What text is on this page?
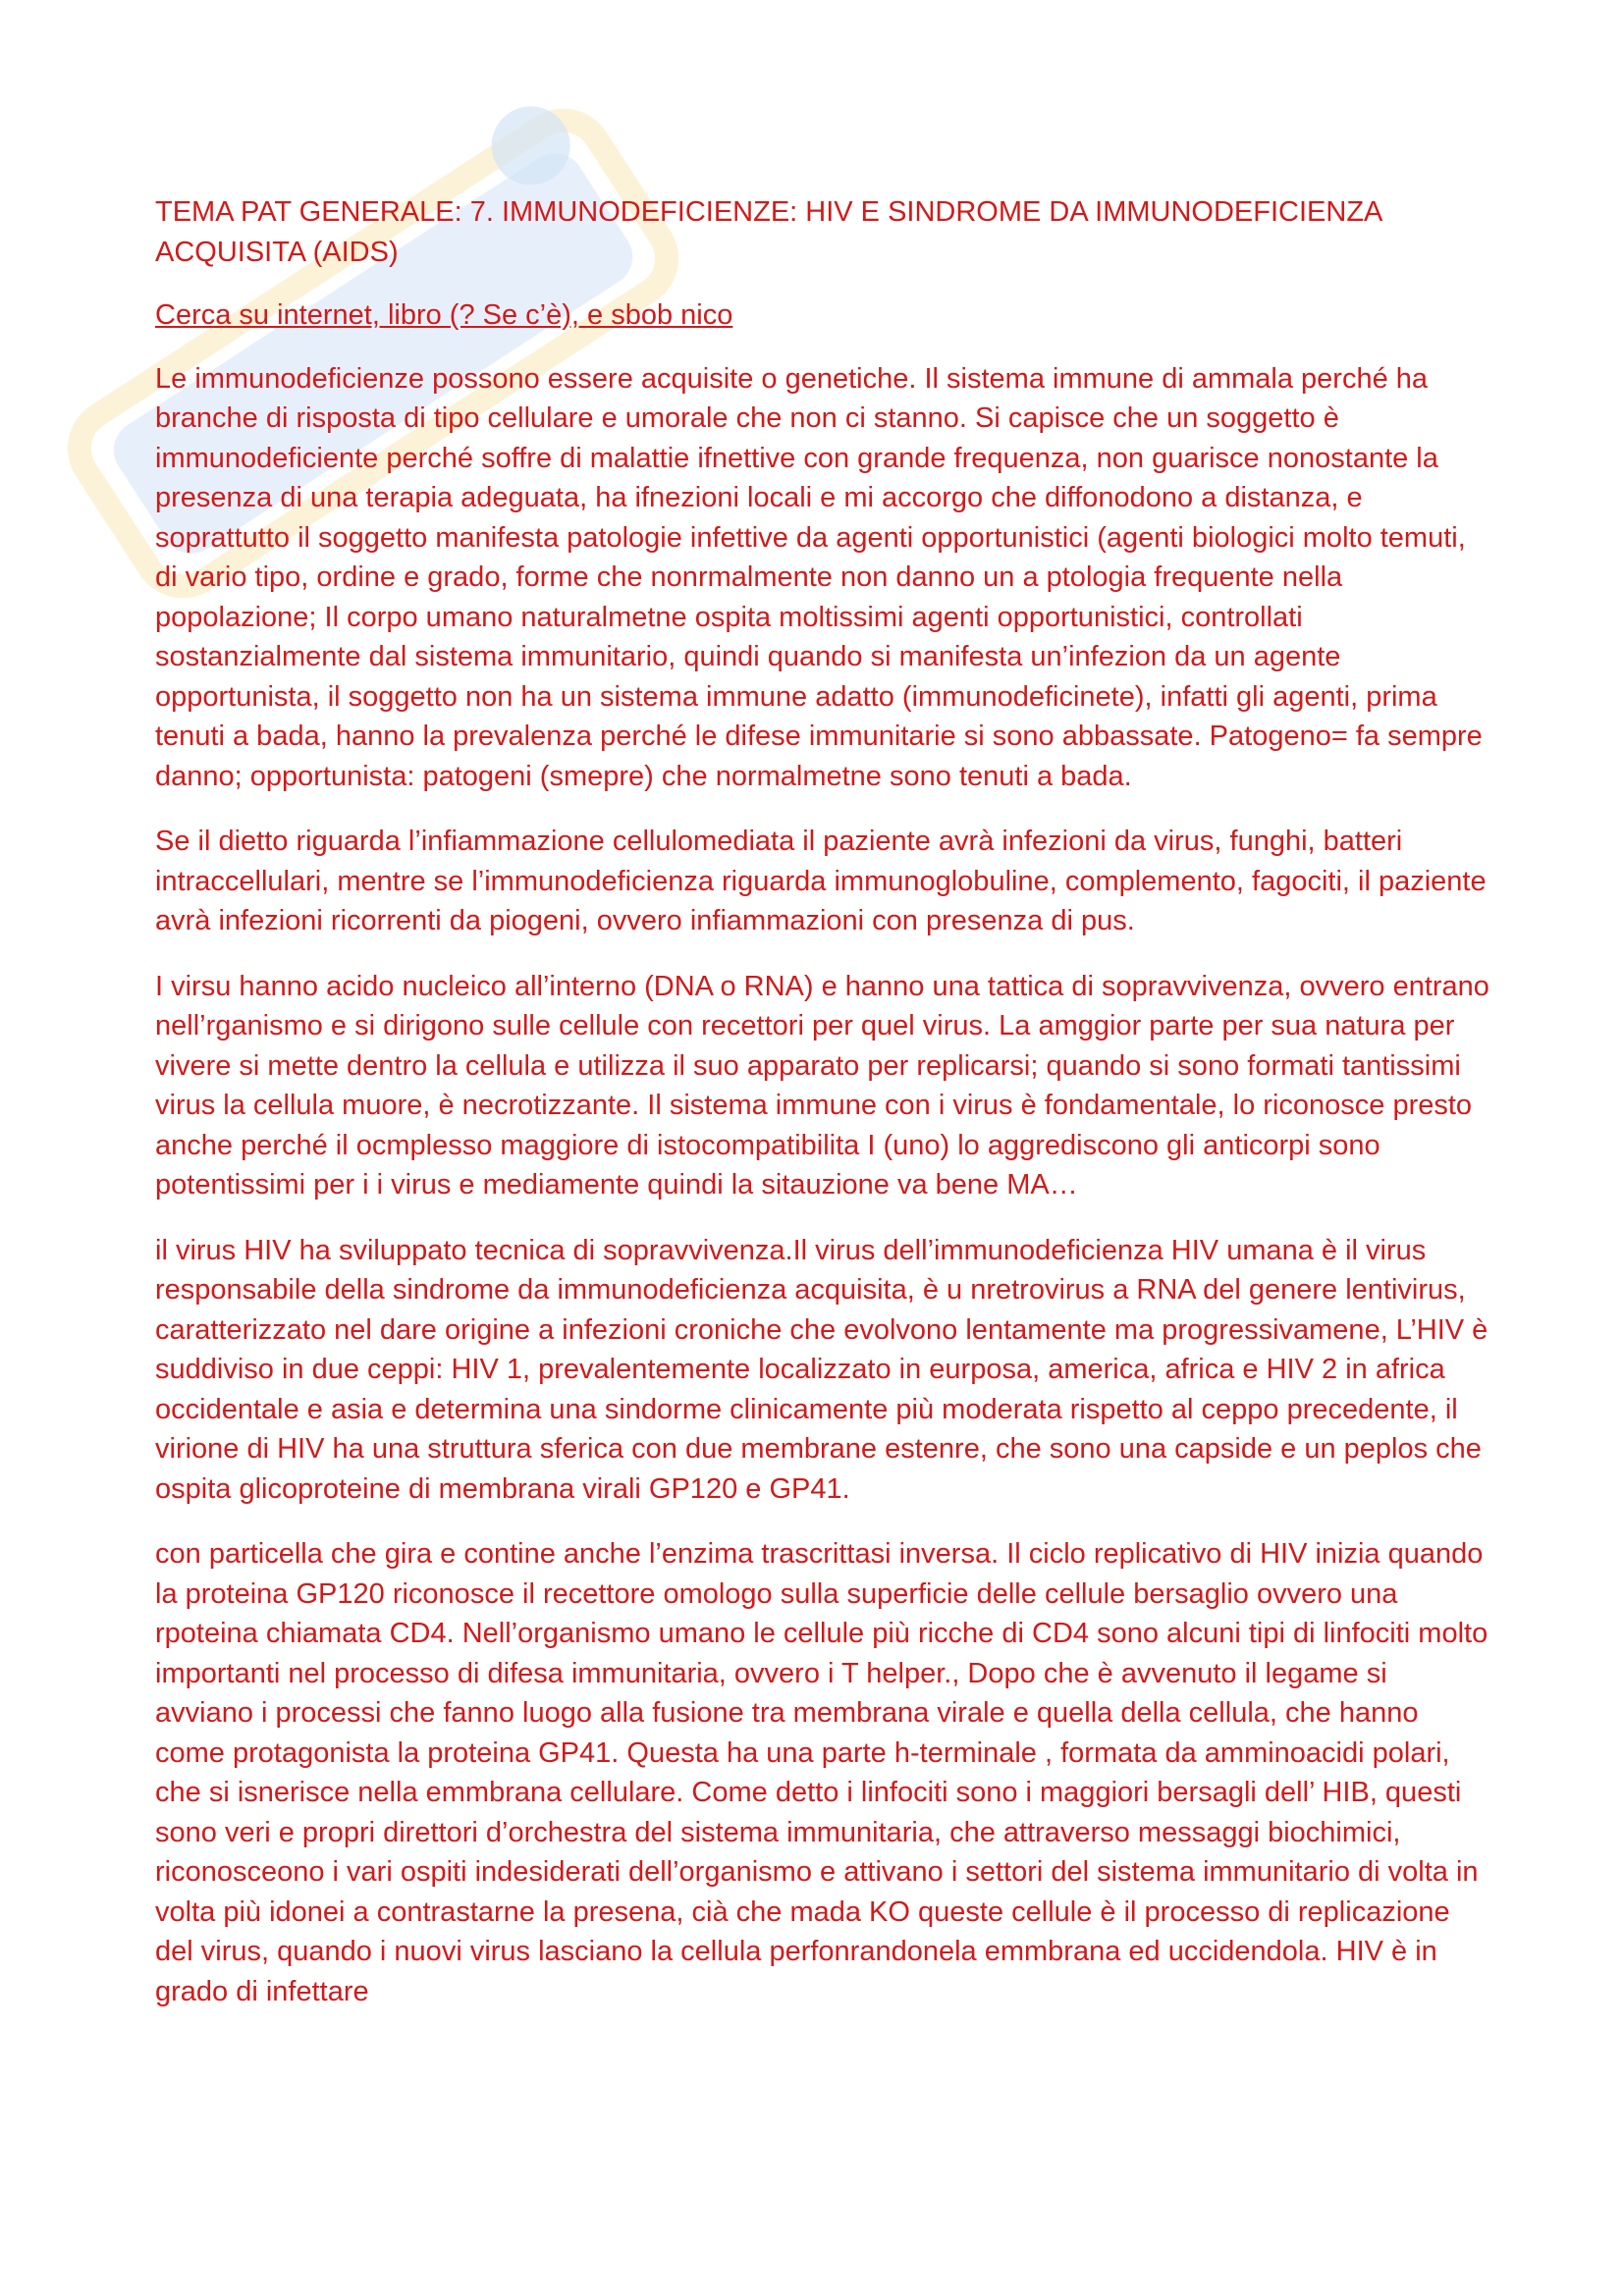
TEMA PAT GENERALE: 7. IMMUNODEFICIENZE: HIV E SINDROME DA IMMUNODEFICIENZA ACQUISITA (AIDS)

Cerca su internet, libro (? Se c’è), e sbob nico

Le immunodeficienze possono essere acquisite o genetiche. Il sistema immune di ammala perché ha branche di risposta di tipo cellulare e umorale che non ci stanno. Si capisce che un soggetto è immunodeficiente perché soffre di malattie ifnettive con grande frequenza, non guarisce nonostante la presenza di una terapia adeguata, ha ifnezioni locali e mi accorgo che diffonodono a distanza, e soprattutto il soggetto manifesta patologie infettive da agenti opportunistici (agenti biologici molto temuti, di vario tipo, ordine e grado, forme che nonrmalmente non danno un a ptologia frequente nella popolazione; Il corpo umano naturalmetne ospita moltissimi agenti opportunistici, controllati sostanzialmente dal sistema immunitario, quindi quando si manifesta un’infezion da un agente opportunista, il soggetto non ha un sistema immune adatto (immunodeficinete), infatti gli agenti, prima tenuti a bada, hanno la prevalenza perché le difese immunitarie si sono abbassate. Patogeno= fa sempre danno; opportunista: patogeni (smepre) che normalmetne sono tenuti a bada.

Se il dietto riguarda l’infiammazione cellulomediata il paziente avrà infezioni da virus, funghi, batteri intraccellulari, mentre se l’immunodeficienza riguarda immunoglobuline, complemento, fagociti, il paziente avrà infezioni ricorrenti da piogeni, ovvero infiammazioni con presenza di pus.

I virsu hanno acido nucleico all’interno (DNA o RNA) e hanno una tattica di sopravvivenza, ovvero entrano nell’rganismo e si dirigono sulle cellule con recettori per quel virus. La amggior parte per sua natura per vivere si mette dentro la cellula e utilizza il suo apparato per replicarsi; quando si sono formati tantissimi virus la cellula muore, è necrotizzante. Il sistema immune con i virus è fondamentale, lo riconosce presto anche perché il ocmplesso maggiore di istocompatibilita I (uno) lo aggrediscono gli anticorpi sono potentissimi per i i virus e mediamente quindi la sitauzione va bene MA…

il virus HIV ha sviluppato tecnica di sopravvivenza.Il virus dell’immunodeficienza HIV umana è il virus responsabile della sindrome da immunodeficienza acquisita, è u nretrovirus a RNA del genere lentivirus, caratterizzato nel dare origine a infezioni croniche che evolvono lentamente ma progressivamene, L’HIV è suddiviso in due ceppi: HIV 1, prevalentemente localizzato in eurposa, america, africa e HIV 2 in africa occidentale e asia e determina una sindorme clinicamente più moderata rispetto al ceppo precedente, il virione di HIV ha una struttura sferica con due membrane estenre, che sono una capside e un peplos che ospita glicoproteine di membrana virali GP120 e GP41.

con particella che gira e contine anche l’enzima trascrittasi inversa. Il ciclo replicativo di HIV inizia quando la proteina GP120 riconosce il recettore omologo sulla superficie delle cellule bersaglio ovvero una rpoteina chiamata CD4. Nell’organismo umano le cellule più ricche di CD4 sono alcuni tipi di linfociti molto importanti nel processo di difesa immunitaria, ovvero i T helper., Dopo che è avvenuto il legame si avviano i processi che fanno luogo alla fusione tra membrana virale e quella della cellula, che hanno come protagonista la proteina GP41. Questa ha una parte h-terminale , formata da amminoacidi polari, che si isnerisce nella emmbrana cellulare. Come detto i linfociti sono i maggiori bersagli dell’ HIB, questi sono veri e propri direttori d’orchestra del sistema immunitaria, che attraverso messaggi biochimici, riconosceono i vari ospiti indesiderati dell’organismo e attivano i settori del sistema immunitario di volta in volta più idonei a contrastarne la presena, cià che mada KO queste cellule è il processo di replicazione del virus, quando i nuovi virus lasciano la cellula perfonrandonela emmbrana ed uccidendola. HIV è in grado di infettare
